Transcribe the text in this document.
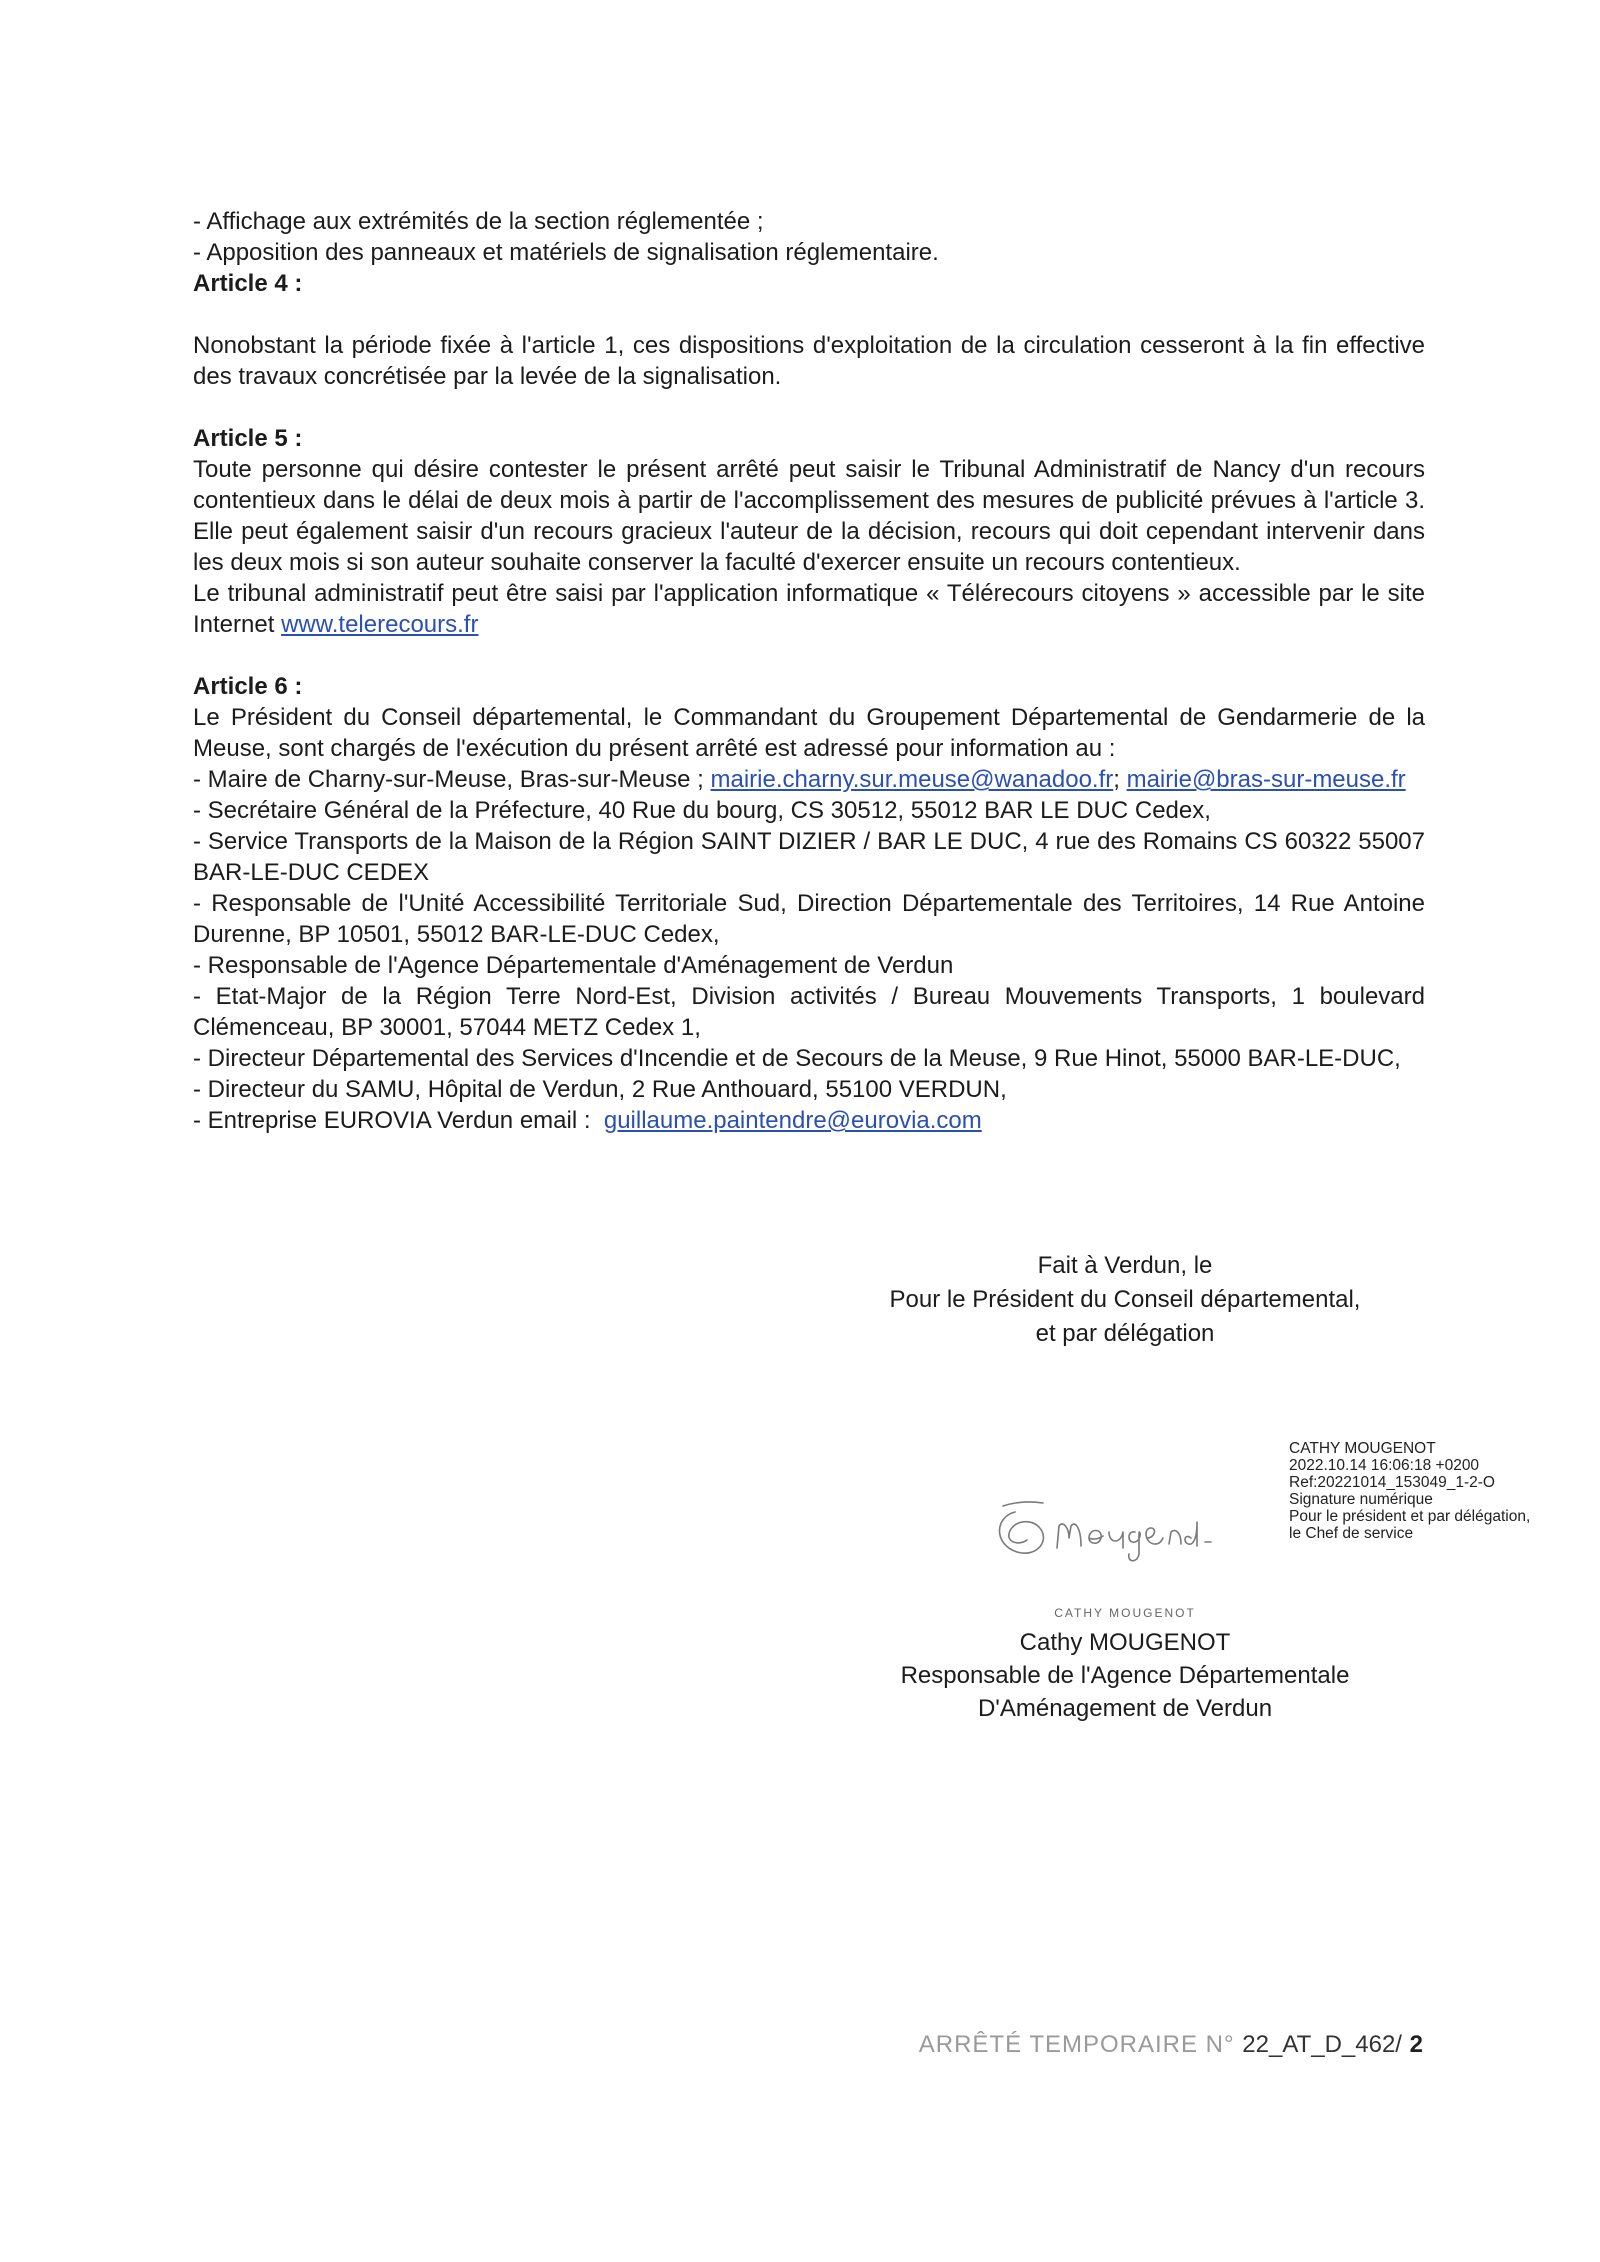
- Affichage aux extrémités de la section réglementée ;

- Apposition des panneaux et matériels de signalisation réglementaire.

Article 4 :

Nonobstant la période fixée à l'article 1, ces dispositions d'exploitation de la circulation cesseront à la fin effective des travaux concrétisée par la levée de la signalisation.

Article 5 :

Toute personne qui désire contester le présent arrêté peut saisir le Tribunal Administratif de Nancy d'un recours contentieux dans le délai de deux mois à partir de l'accomplissement des mesures de publicité prévues à l'article 3. Elle peut également saisir d'un recours gracieux l'auteur de la décision, recours qui doit cependant intervenir dans les deux mois si son auteur souhaite conserver la faculté d'exercer ensuite un recours contentieux.

Le tribunal administratif peut être saisi par l'application informatique « Télérecours citoyens » accessible par le site Internet www.telerecours.fr

Article 6 :

Le Président du Conseil départemental, le Commandant du Groupement Départemental de Gendarmerie de la Meuse, sont chargés de l'exécution du présent arrêté est adressé pour information au :

- Maire de Charny-sur-Meuse, Bras-sur-Meuse ; mairie.charny.sur.meuse@wanadoo.fr; mairie@bras-sur-meuse.fr

- Secrétaire Général de la Préfecture, 40 Rue du bourg, CS 30512, 55012 BAR LE DUC Cedex,

- Service Transports de la Maison de la Région SAINT DIZIER / BAR LE DUC, 4 rue des Romains CS 60322 55007 BAR-LE-DUC CEDEX

- Responsable de l'Unité Accessibilité Territoriale Sud, Direction Départementale des Territoires, 14 Rue Antoine Durenne, BP 10501, 55012 BAR-LE-DUC Cedex,

- Responsable de l'Agence Départementale d'Aménagement de Verdun

- Etat-Major de la Région Terre Nord-Est, Division activités / Bureau Mouvements Transports, 1 boulevard Clémenceau, BP 30001, 57044 METZ Cedex 1,

- Directeur Départemental des Services d'Incendie et de Secours de la Meuse, 9 Rue Hinot, 55000 BAR-LE-DUC,

- Directeur du SAMU, Hôpital de Verdun, 2 Rue Anthouard, 55100 VERDUN,

- Entreprise EUROVIA Verdun email : guillaume.paintendre@eurovia.com

Fait à Verdun, le

Pour le Président du Conseil départemental,

et par délégation

CATHY MOUGENOT

2022.10.14 16:06:18 +0200

Ref:20221014_153049_1-2-O

Signature numérique

Pour le président et par délégation,

le Chef de service

CATHY MOUGENOT

Cathy MOUGENOT

Responsable de l'Agence Départementale

D'Aménagement de Verdun

ARRÊTÉ TEMPORAIRE N° 22_AT_D_462/ 2
